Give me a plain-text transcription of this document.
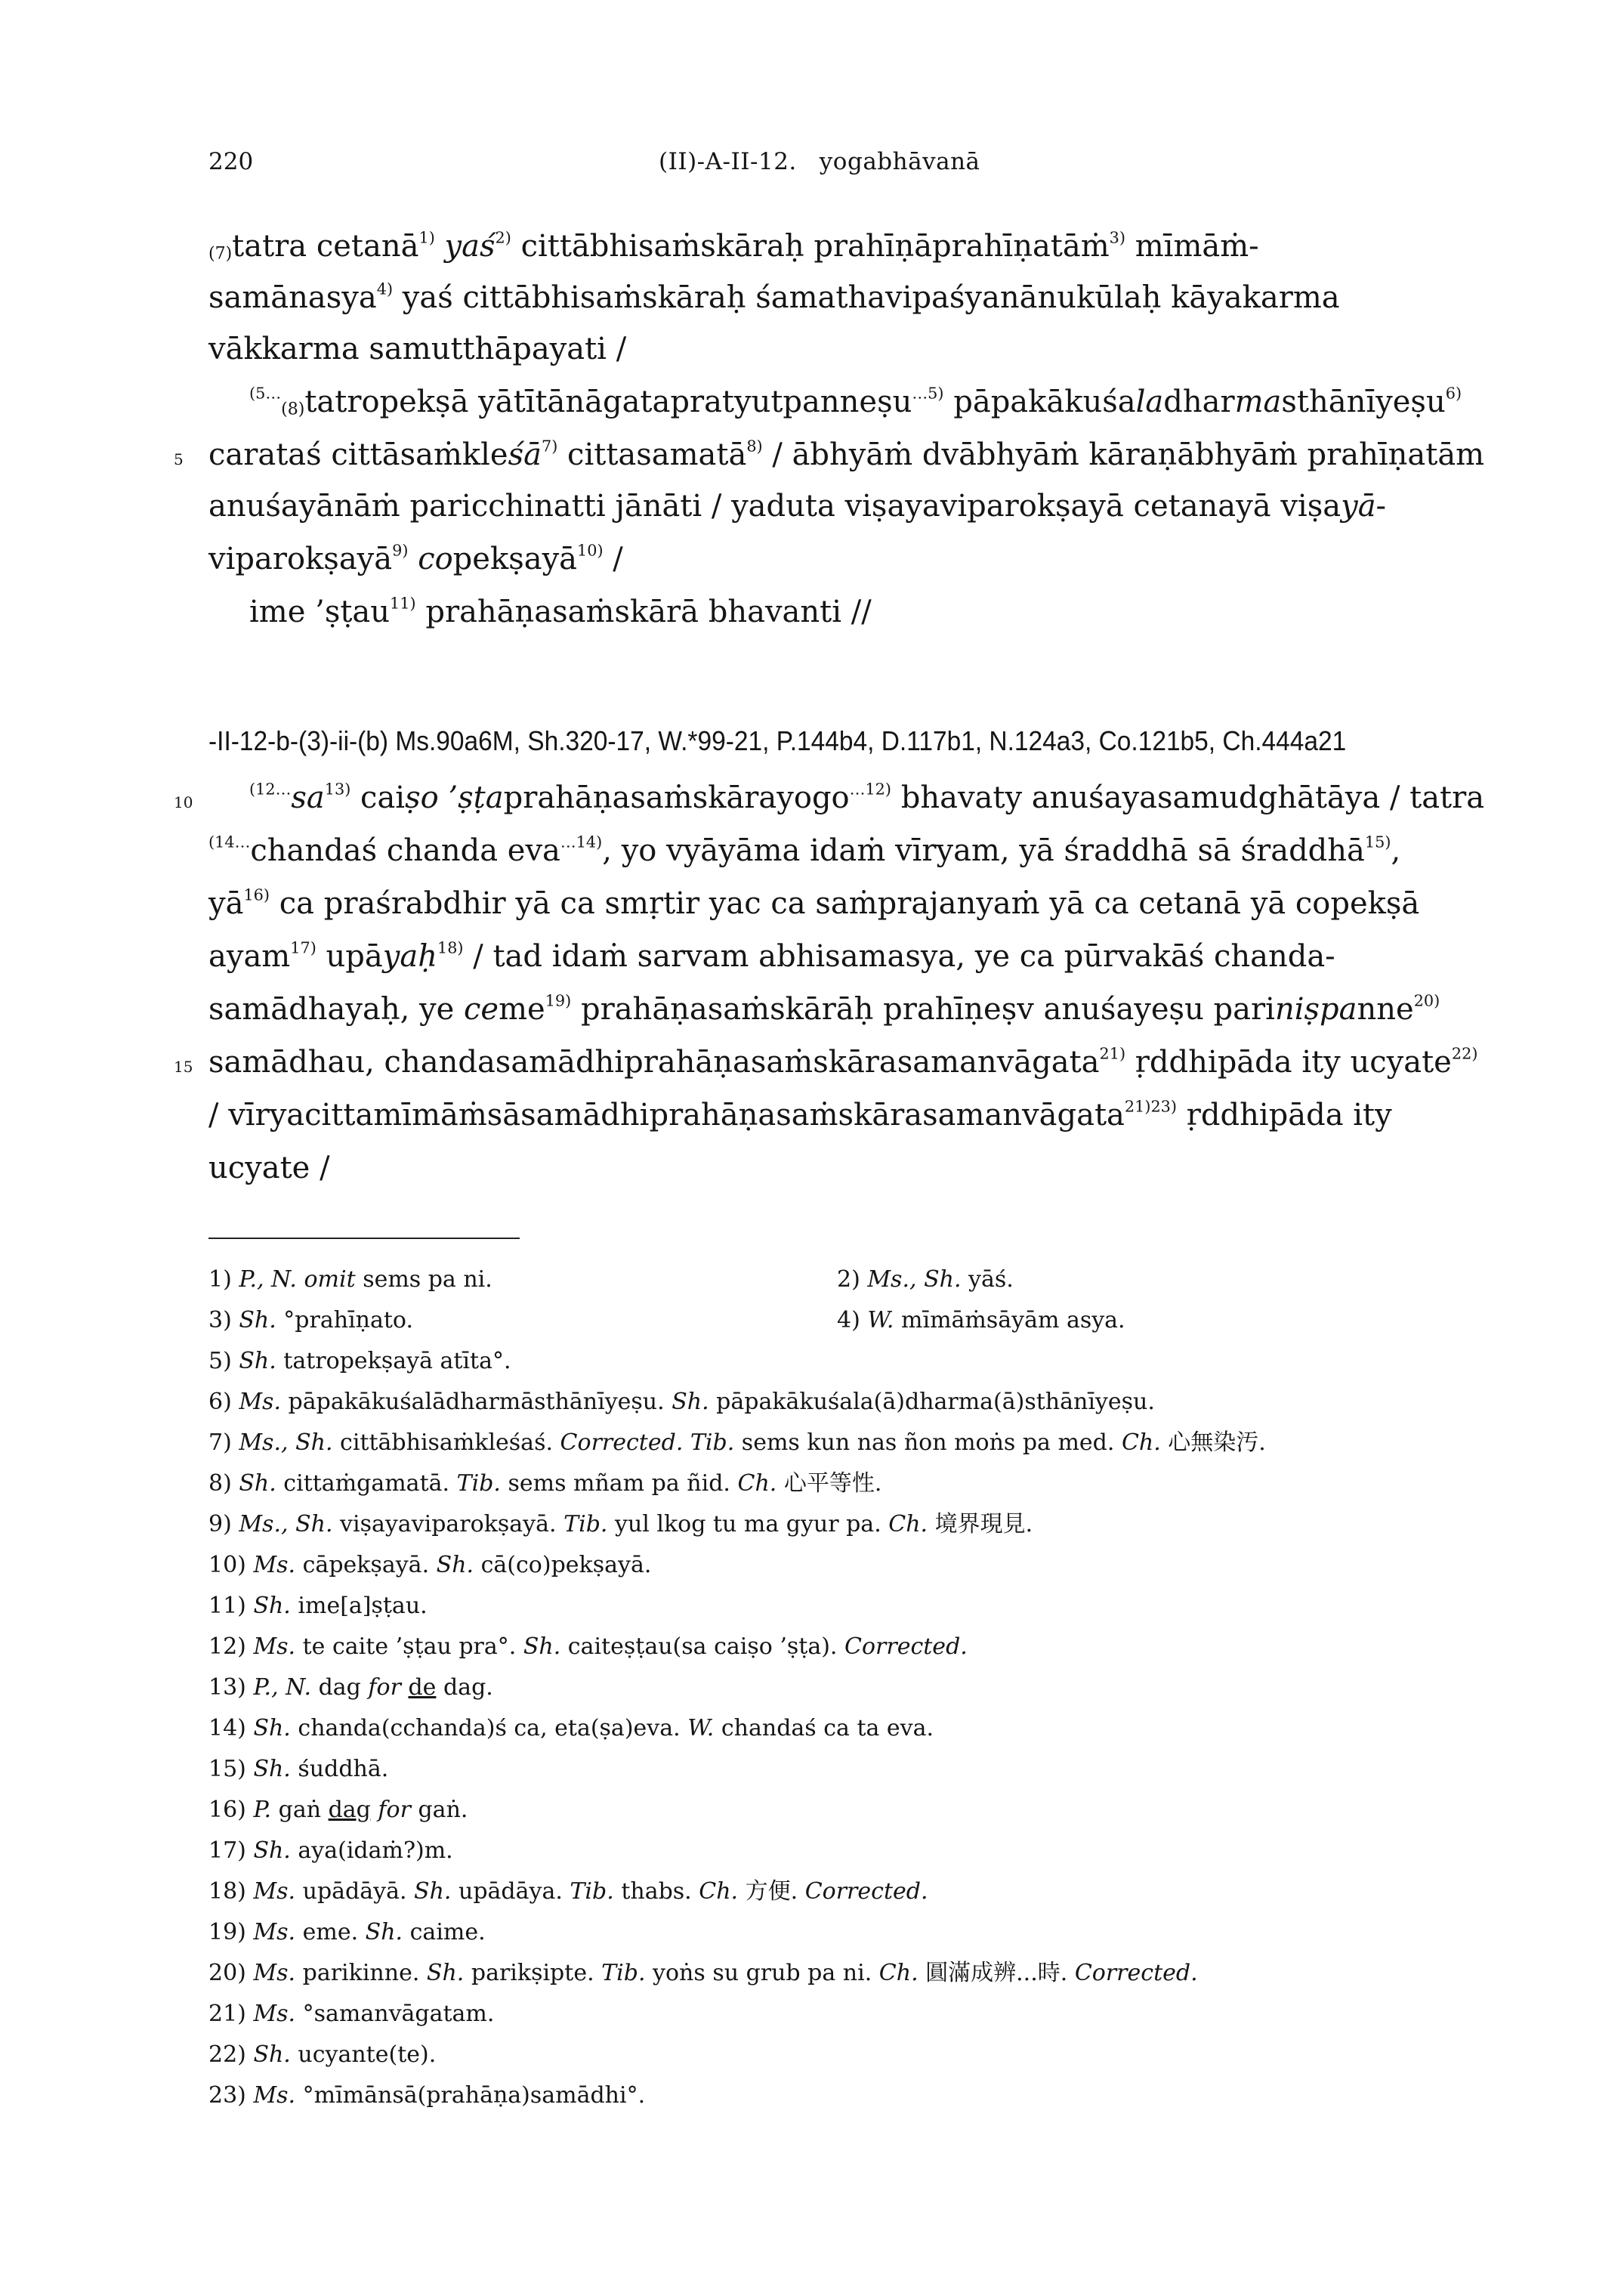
220	(II)-A-II-12. yogabhāvanā
$_{(7)}$tatra cetanā$^{1)}$ yaś$^{2)}$ cittābhisaṁskāraḥ prahīṇāprahīṇatāṁ$^{3)}$ mīmāṁ-
samānasya$^{4)}$ yaś cittābhisaṁskāraḥ śamathavipaśyanānukūlaḥ kāyakarma
vākkarma samutthāpayati /
$^{(5\dots}_{(8)}$tatropekṣā yātītānāgatapratyutpanneṣu$^{\dots 5)}$ pāpakākuśaladharmasthānīyeṣu$^{6)}$
5 carataś cittāsaṁkleśā$^{7)}$ cittasamatā$^{8)}$ / ābhyāṁ dvābhyāṁ kāraṇābhyāṁ prahīṇatām
anuśayānāṁ paricchinatti jānāti / yaduta viṣayaviparokṣayā cetanayā viṣayā-
viparokṣayā$^{9)}$ copekṣayā$^{10)}$ /
ime ’ṣṭau$^{11)}$ prahāṇasaṁskārā bhavanti //
-II-12-b-(3)-ii-(b) Ms.90a6M, Sh.320-17, W.*99-21, P.144b4, D.117b1, N.124a3, Co.121b5, Ch.444a21
10
$^{(12\dots}sa^{13)}$ caiṣo ’ṣṭaprahāṇasaṁskārayogo$^{\dots 12)}$ bhavaty anuśayasamudghātāya / tatra
$^{(14\dots}$chandaś chanda eva$^{\dots 14)}$, yo vyāyāma idaṁ vīryam, yā śraddhā sā śraddhā$^{15)}$,
$yā^{16)}$ ca praśrabdhir yā ca smṛtir yac ca saṁprajanyaṁ yā ca cetanā yā copekṣā
ayam$^{17)}$ upāyaḥ$^{18)}$ / tad idaṁ sarvam abhisamasya, ye ca pūrvakāś chanda-
samādhayaḥ, ye ceme$^{19)}$ prahāṇasaṁskārāḥ prahīṇeṣv anuśayeṣu pariniṣpanne$^{20)}$
15 samādhau, chandasamādhiprahāṇasaṁskārasamanvāgata$^{21)}$ ṛddhipāda ity ucyate$^{22)}$
/ vīryacittamīmāṁsāsamādhiprahāṇasaṁskārasamanvāgata$^{21)23)}$ ṛddhipāda ity
ucyate /
1) P., N. omit sems pa ni.	2) Ms., Sh. yāś.
3) Sh. °prahīṇato.	4) W. mīmāṁsāyām asya.
5) Sh. tatropekṣayā atīta°.
6) Ms. pāpakākuśalādharmāsthānīyeṣu. Sh. pāpakākuśala(ā)dharma(ā)sthānīyeṣu.
7) Ms., Sh. cittābhisaṁkleśaś. Corrected. Tib. sems kun nas ñon moṅs pa med. Ch. 心無染汚.
8) Sh. cittaṁgamatā. Tib. sems mñam pa ñid. Ch. 心平等性.
9) Ms., Sh. viṣayaviparokṣayā. Tib. yul lkog tu ma gyur pa. Ch. 境界現見.
10) Ms. cāpekṣayā. Sh. cā(co)pekṣayā.
11) Sh. ime[a]ṣṭau.
12) Ms. te caite ’ṣṭau pra°. Sh. caiteṣṭau(sa caiṣo ’ṣṭa). Corrected.
13) P., N. dag for de dag.
14) Sh. chanda(cchanda)ś ca, eta(ṣa)eva. W. chandaś ca ta eva.
15) Sh. śuddhā.
16) P. gaṅ dag for gaṅ.
17) Sh. aya(idaṁ?)m.
18) Ms. upādāyā. Sh. upādāya. Tib. thabs. Ch. 方便. Corrected.
19) Ms. eme. Sh. caime.
20) Ms. parikinne. Sh. parikṣipte. Tib. yoṅs su grub pa ni. Ch. 圓滿成辨...時. Corrected.
21) Ms. °samanvāgatam.
22) Sh. ucyante(te).
23) Ms. °mīmānsā(prahāṇa)samādhi°.
